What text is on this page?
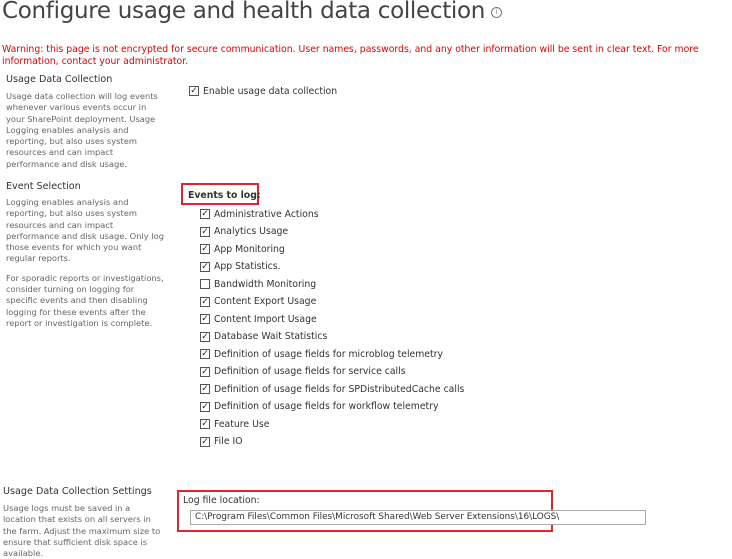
Configure usage and health data collection i
Warning: this page is not encrypted for secure communication. User names, passwords, and any other information will be sent in clear text. For more information, contact your administrator.
Usage Data Collection
Usage data collection will log events whenever various events occur in your SharePoint deployment. Usage Logging enables analysis and reporting, but also uses system resources and can impact performance and disk usage.
✓ Enable usage data collection
Event Selection

Logging enables analysis and reporting, but also uses system resources and can impact performance and disk usage. Only log those events for which you want regular reports.

For sporadic reports or investigations, consider turning on logging for specific events and then disabling logging for these events after the report or investigation is complete.

Events to log:
✓ Administrative Actions
✓ Analytics Usage
✓ App Monitoring
✓ App Statistics.
Bandwidth Monitoring
✓ Content Export Usage
✓ Content Import Usage
✓ Database Wait Statistics
✓ Definition of usage fields for microblog telemetry
✓ Definition of usage fields for service calls
✓ Definition of usage fields for SPDistributedCache calls
✓ Definition of usage fields for workflow telemetry
✓ Feature Use
✓ File IO
Usage Data Collection Settings
Usage logs must be saved in a location that exists on all servers in the farm. Adjust the maximum size to ensure that sufficient disk space is available.
Log file location:
C:\Program Files\Common Files\Microsoft Shared\Web Server Extensions\16\LOGS\
